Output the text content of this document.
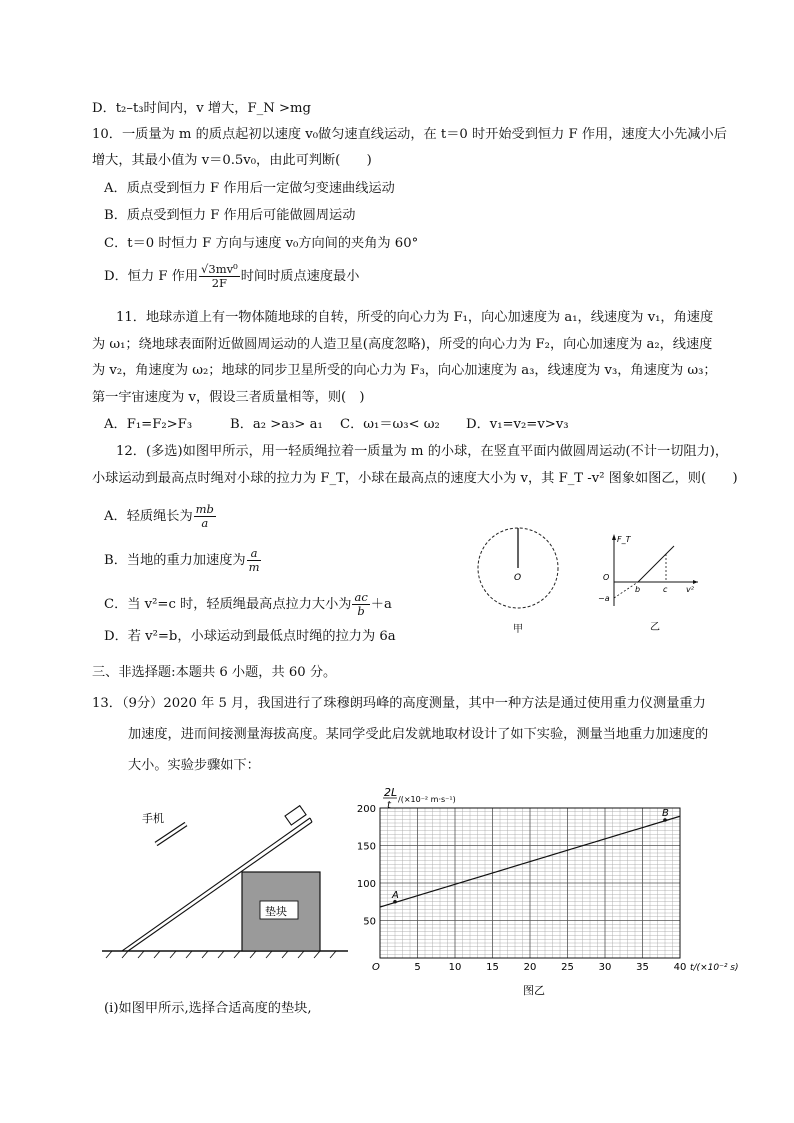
D．t₂–t₃时间内，v 增大，F_N >mg
10．一质量为 m 的质点起初以速度 v₀做匀速直线运动，在 t＝0 时开始受到恒力 F 作用，速度大小先减小后
增大，其最小值为 v＝0.5v₀，由此可判断(　　)
A．质点受到恒力 F 作用后一定做匀变速曲线运动
B．质点受到恒力 F 作用后可能做圆周运动
C．t＝0 时恒力 F 方向与速度 v₀方向间的夹角为 60°
D．恒力 F 作用 $\frac{\text{√3mv⁰}}{2F}$ 时间时质点速度最小
11．地球赤道上有一物体随地球的自转，所受的向心力为 F₁，向心加速度为 a₁，线速度为 v₁，角速度
为 ω₁；绕地球表面附近做圆周运动的人造卫星(高度忽略)，所受的向心力为 F₂，向心加速度为 a₂，线速度
为 v₂，角速度为 ω₂；地球的同步卫星所受的向心力为 F₃，向心加速度为 a₃，线速度为 v₃，角速度为 ω₃；
第一宇宙速度为 v，假设三者质量相等，则(　)
A．F₁=F₂>F₃	B．a₂ >a₃> a₁ C．ω₁＝ω₃< ω₂ D．v₁=v₂=v>v₃
12．(多选)如图甲所示，用一轻质绳拉着一质量为 m 的小球，在竖直平面内做圆周运动(不计一切阻力)，
小球运动到最高点时绳对小球的拉力为 F_T，小球在最高点的速度大小为 v，其 F_T -v² 图象如图乙，则(　　)
A．轻质绳长为 $\frac{mb}{a}$
B．当地的重力加速度为 $\frac{a}{m}$
C．当 v²=c 时，轻质绳最高点拉力大小为 $\frac{ac}{b} +a$
D．若 v²=b，小球运动到最低点时绳的拉力为 6a
O
甲
F_T
O
−a
b	c v²
乙
三、非选择题:本题共 6 小题，共 60 分。
13．（9分）2020 年 5 月，我国进行了珠穆朗玛峰的高度测量，其中一种方法是通过使用重力仪测量重力
加速度，进而间接测量海拔高度。某同学受此启发就地取材设计了如下实验，测量当地重力加速度的
大小。实验步骤如下：
垫块
手机
5	10 15 20 25 30 35 40
50
100
150
200
A
B
2L
t
/(×10⁻² m·s⁻¹)
O	t/(×10⁻² s)
图乙
(i)如图甲所示,选择合适高度的垫块,
